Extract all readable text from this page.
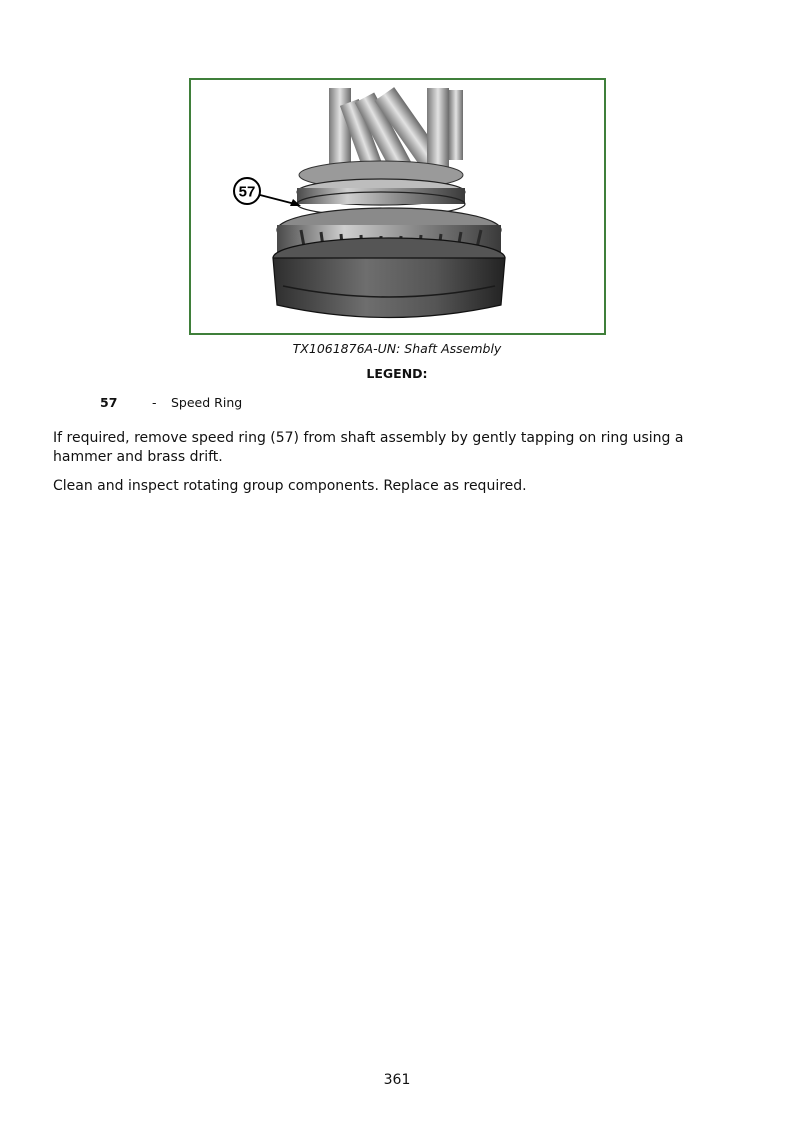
57
TX1061876A-UN: Shaft Assembly
LEGEND:
57	- Speed Ring
If required, remove speed ring (57) from shaft assembly by gently tapping on ring using a hammer and brass drift.
Clean and inspect rotating group components. Replace as required.
361
